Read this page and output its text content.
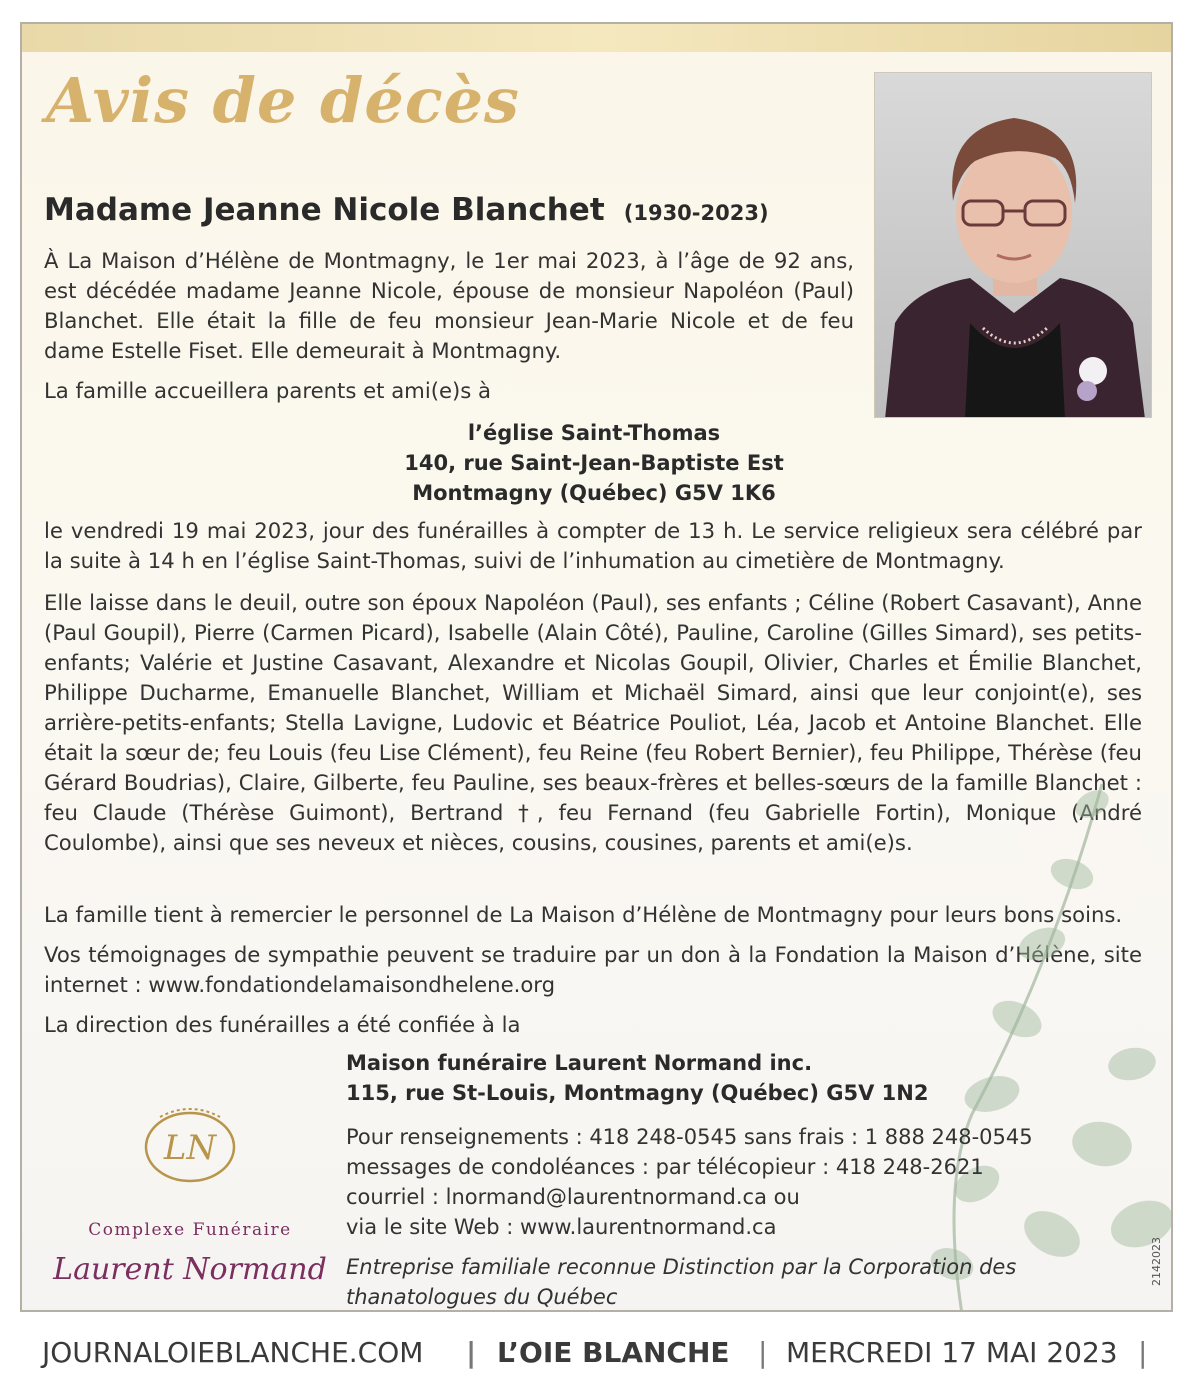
Avis de décès
Madame Jeanne Nicole Blanchet (1930-2023)

À La Maison d’Hélène de Montmagny, le 1er mai 2023, à l’âge de 92 ans, est décédée madame Jeanne Nicole, épouse de monsieur Napoléon (Paul) Blanchet. Elle était la fille de feu monsieur Jean-Marie Nicole et de feu dame Estelle Fiset. Elle demeurait à Montmagny.

La famille accueillera parents et ami(e)s à

l’église Saint-Thomas
140, rue Saint-Jean-Baptiste Est
Montmagny (Québec) G5V 1K6

le vendredi 19 mai 2023, jour des funérailles à compter de 13 h. Le service religieux sera célébré par la suite à 14 h en l’église Saint-Thomas, suivi de l’inhumation au cimetière de Montmagny.

Elle laisse dans le deuil, outre son époux Napoléon (Paul), ses enfants ; Céline (Robert Casavant), Anne (Paul Goupil), Pierre (Carmen Picard), Isabelle (Alain Côté), Pauline, Caroline (Gilles Simard), ses petits-enfants; Valérie et Justine Casavant, Alexandre et Nicolas Goupil, Olivier, Charles et Émilie Blanchet, Philippe Ducharme, Emanuelle Blanchet, William et Michaël Simard, ainsi que leur conjoint(e), ses arrière-petits-enfants; Stella Lavigne, Ludovic et Béatrice Pouliot, Léa, Jacob et Antoine Blanchet. Elle était la sœur de; feu Louis (feu Lise Clément), feu Reine (feu Robert Bernier), feu Philippe, Thérèse (feu Gérard Boudrias), Claire, Gilberte, feu Pauline, ses beaux-frères et belles-sœurs de la famille Blanchet : feu Claude (Thérèse Guimont), Bertrand †, feu Fernand (feu Gabrielle Fortin), Monique (André Coulombe), ainsi que ses neveux et nièces, cousins, cousines, parents et ami(e)s.

La famille tient à remercier le personnel de La Maison d’Hélène de Montmagny pour leurs bons soins.

Vos témoignages de sympathie peuvent se traduire par un don à la Fondation la Maison d’Hélène, site internet : www.fondationdelamaisondhelene.org

La direction des funérailles a été confiée à la

Maison funéraire Laurent Normand inc.
115, rue St-Louis, Montmagny (Québec) G5V 1N2
Pour renseignements : 418 248-0545 sans frais : 1 888 248-0545
messages de condoléances : par télécopieur : 418 248-2621
courriel : lnormand@laurentnormand.ca ou
via le site Web : www.laurentnormand.ca
Entreprise familiale reconnue Distinction par la Corporation des thanatologues du Québec
LN
Complexe Funéraire
Laurent Normand	2142023
JOURNALOIEBLANCHE.COM | L’OIE BLANCHE | MERCREDI 17 MAI 2023 |
